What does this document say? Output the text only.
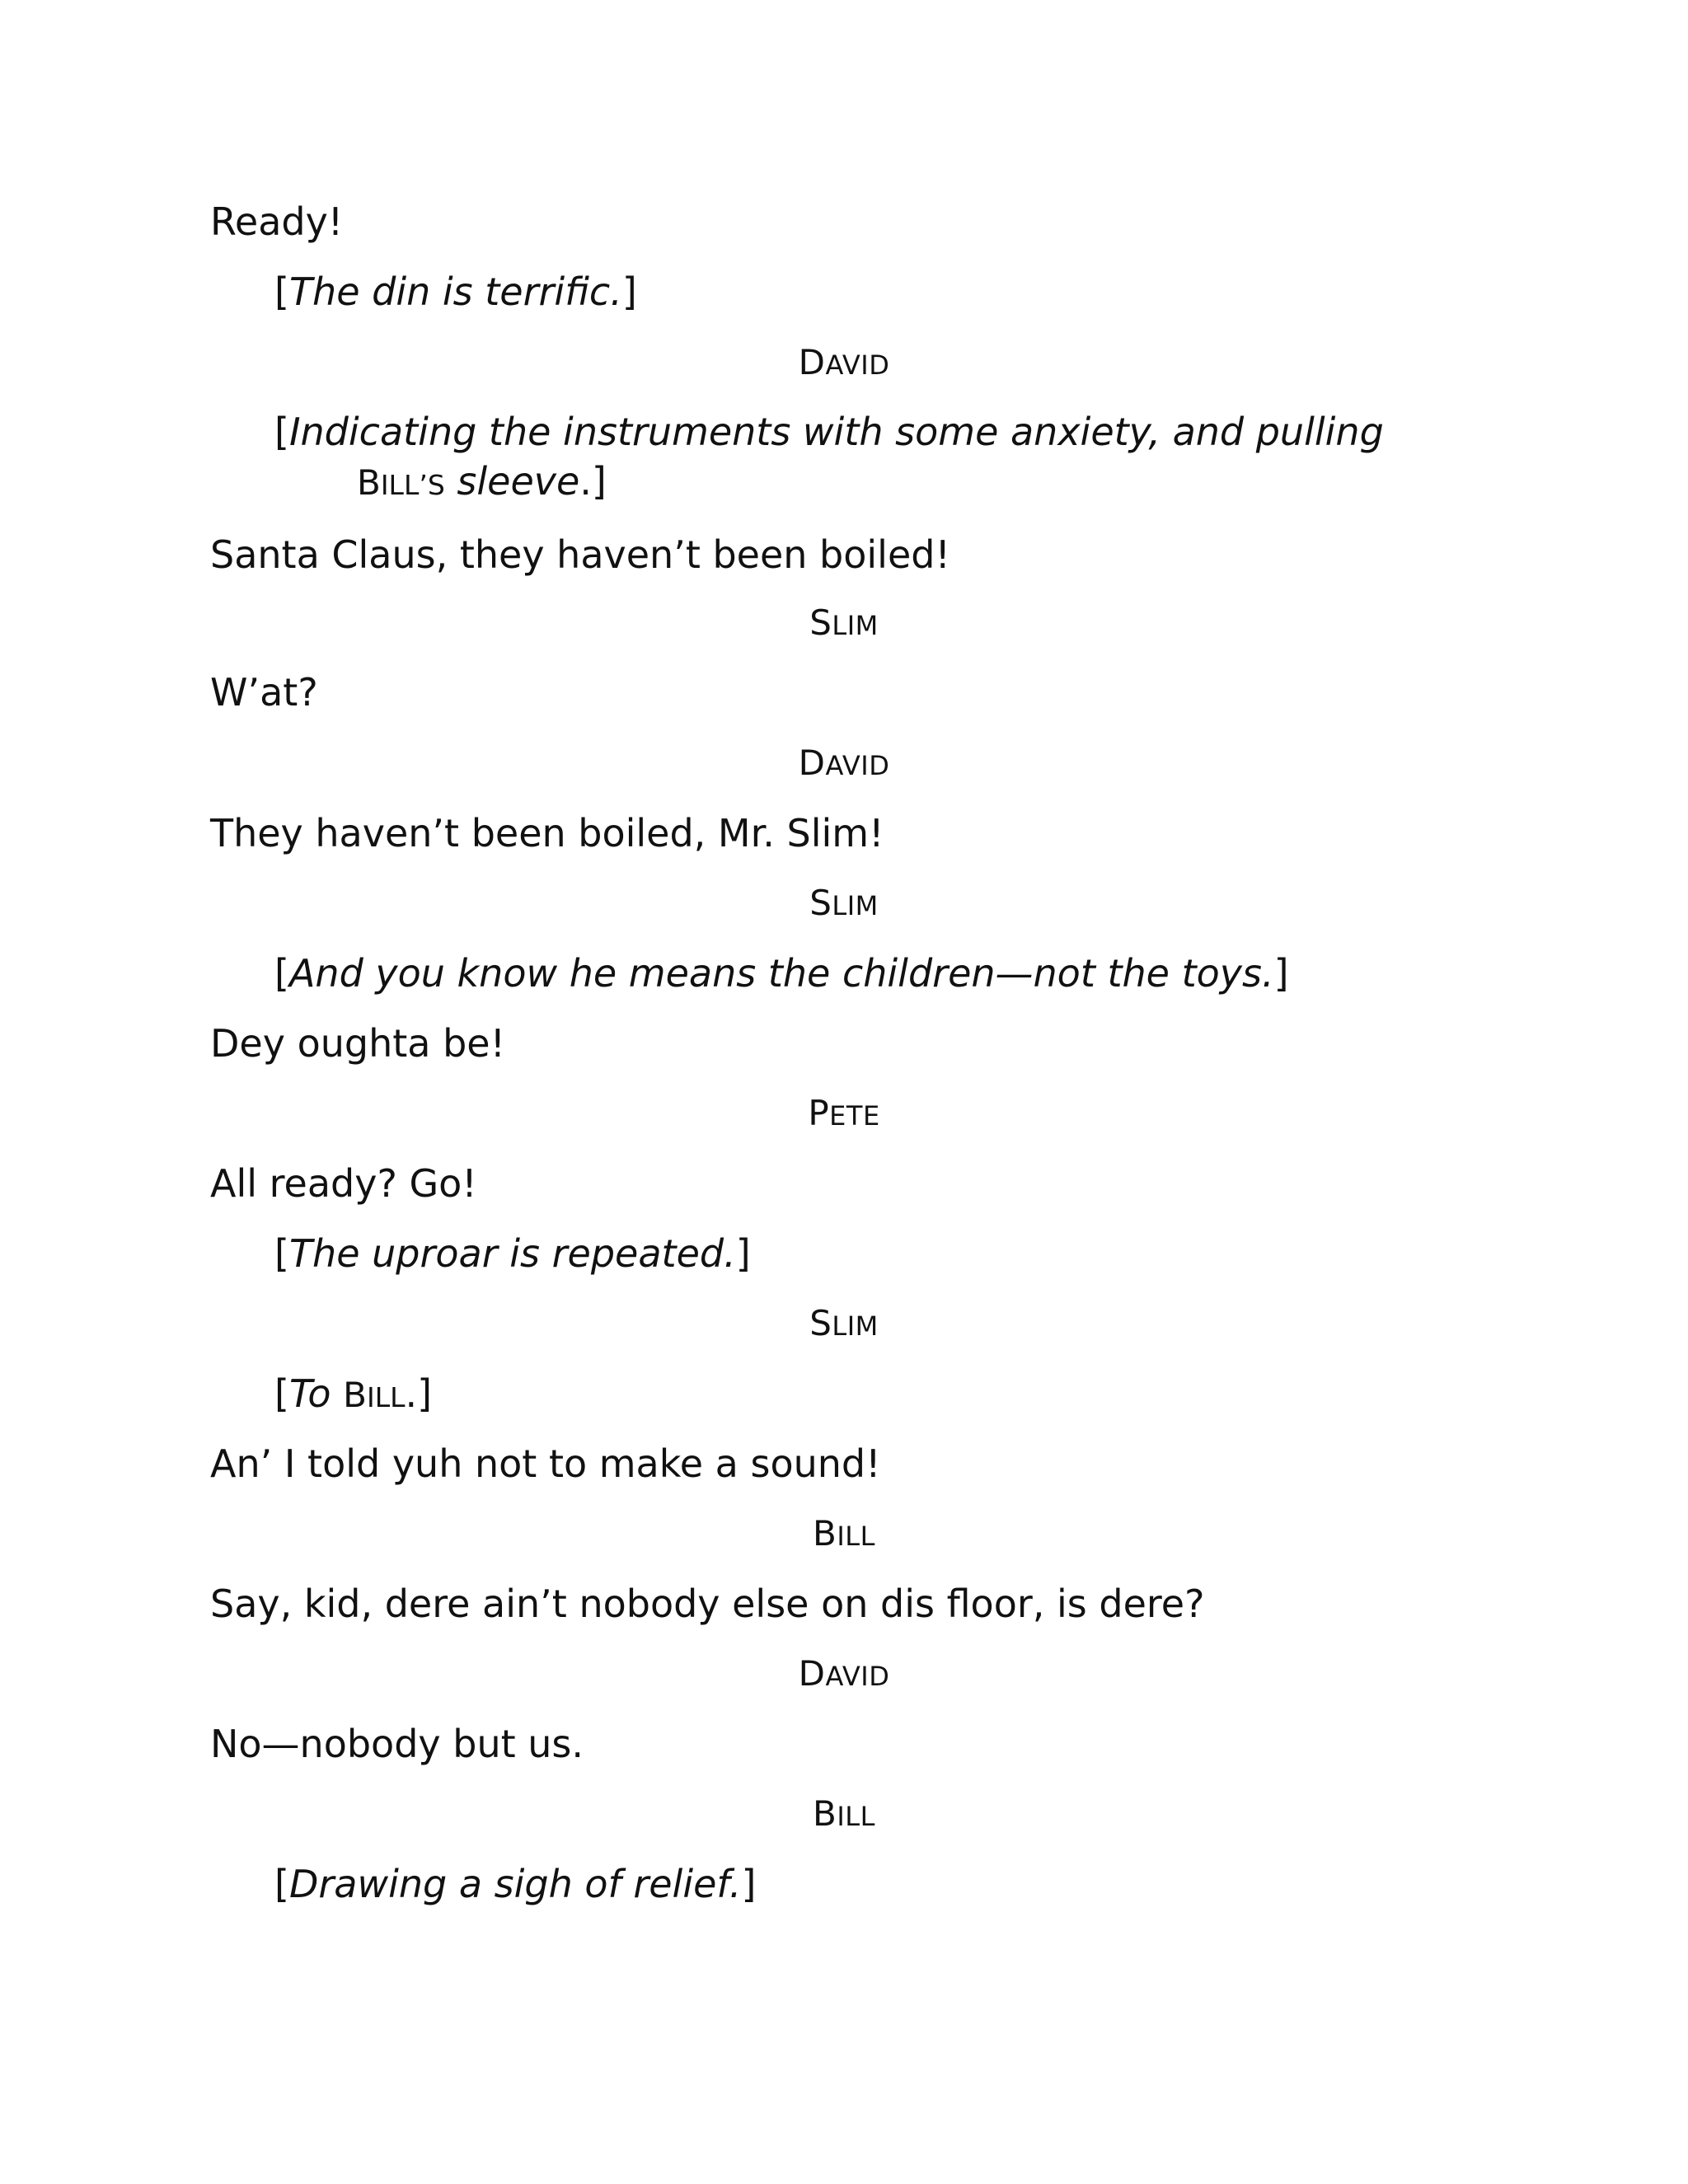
Ready!

[The din is terrific.]

DAVID

[Indicating the instruments with some anxiety, and pulling

BILL’S sleeve.]

Santa Claus, they haven’t been boiled!

SLIM

W’at?

DAVID

They haven’t been boiled, Mr. Slim!

SLIM

[And you know he means the children—not the toys.]

Dey oughta be!

PETE

All ready? Go!

[The uproar is repeated.]

SLIM

[To BILL.]

An’ I told yuh not to make a sound!

BILL

Say, kid, dere ain’t nobody else on dis floor, is dere?

DAVID

No—nobody but us.

BILL

[Drawing a sigh of relief.]
